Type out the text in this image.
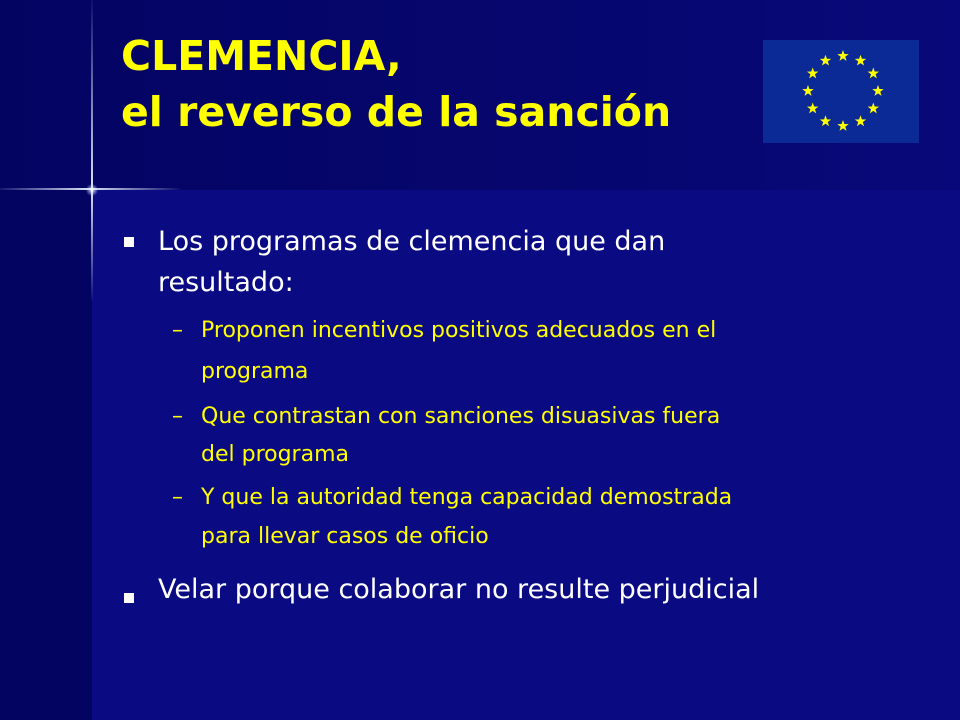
CLEMENCIA,
el reverso de la sanción
Los programas de clemencia que dan
resultado:
– Proponen incentivos positivos adecuados en el
programa
– Que contrastan con sanciones disuasivas fuera
del programa
– Y que la autoridad tenga capacidad demostrada
para llevar casos de oficio
Velar porque colaborar no resulte perjudicial
